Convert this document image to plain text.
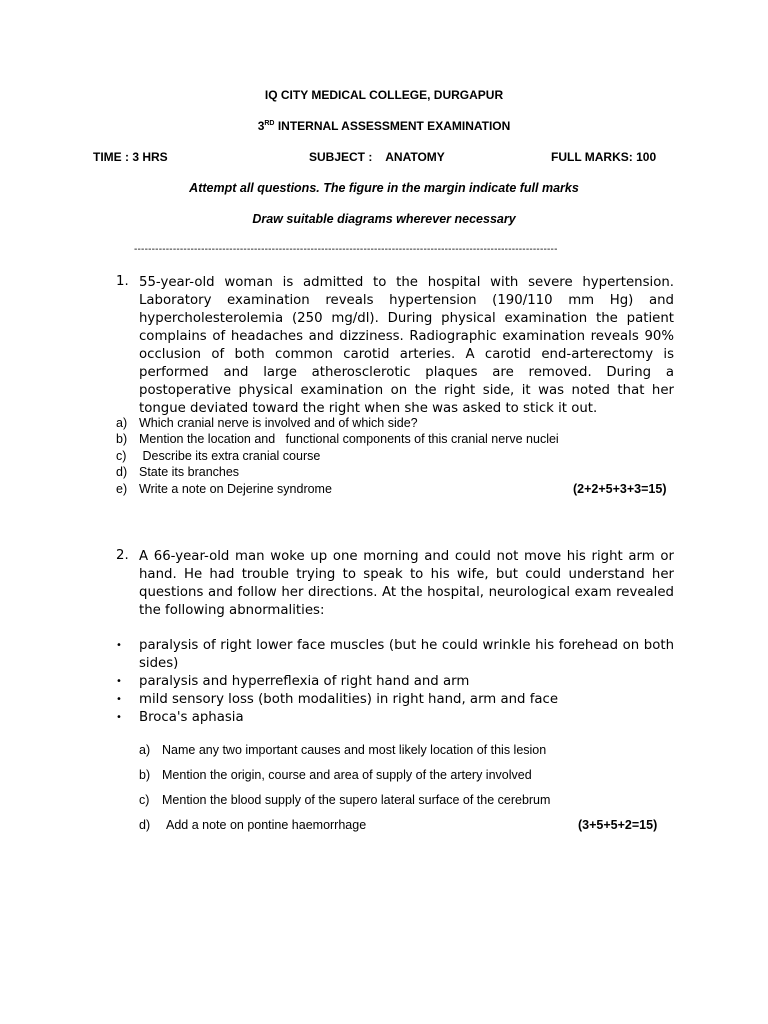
IQ CITY MEDICAL COLLEGE, DURGAPUR
3RD INTERNAL ASSESSMENT EXAMINATION
TIME : 3 HRS	SUBJECT :    ANATOMY	FULL MARKS: 100
Attempt all questions. The figure in the margin indicate full marks
Draw suitable diagrams wherever necessary
------------------------------------------------------------------------------------------------------------------------
1. 55-year-old woman is admitted to the hospital with severe hypertension. Laboratory examination reveals hypertension (190/110 mm Hg) and hypercholesterolemia (250 mg/dl). During physical examination the patient complains of headaches and dizziness. Radiographic examination reveals 90% occlusion of both common carotid arteries. A carotid end-arterectomy is performed and large atherosclerotic plaques are removed. During a postoperative physical examination on the right side, it was noted that her tongue deviated toward the right when she was asked to stick it out.
a) Which cranial nerve is involved and of which side?
b) Mention the location and   functional components of this cranial nerve nuclei
c) Describe its extra cranial course
d) State its branches
e) Write a note on Dejerine syndrome	(2+2+5+3+3=15)
2. A 66-year-old man woke up one morning and could not move his right arm or hand. He had trouble trying to speak to his wife, but could understand her questions and follow her directions. At the hospital, neurological exam revealed the following abnormalities:
• paralysis of right lower face muscles (but he could wrinkle his forehead on both sides)
• paralysis and hyperreflexia of right hand and arm
• mild sensory loss (both modalities) in right hand, arm and face
• Broca's aphasia
a) Name any two important causes and most likely location of this lesion
b) Mention the origin, course and area of supply of the artery involved
c) Mention the blood supply of the supero lateral surface of the cerebrum
d) Add a note on pontine haemorrhage	(3+5+5+2=15)
